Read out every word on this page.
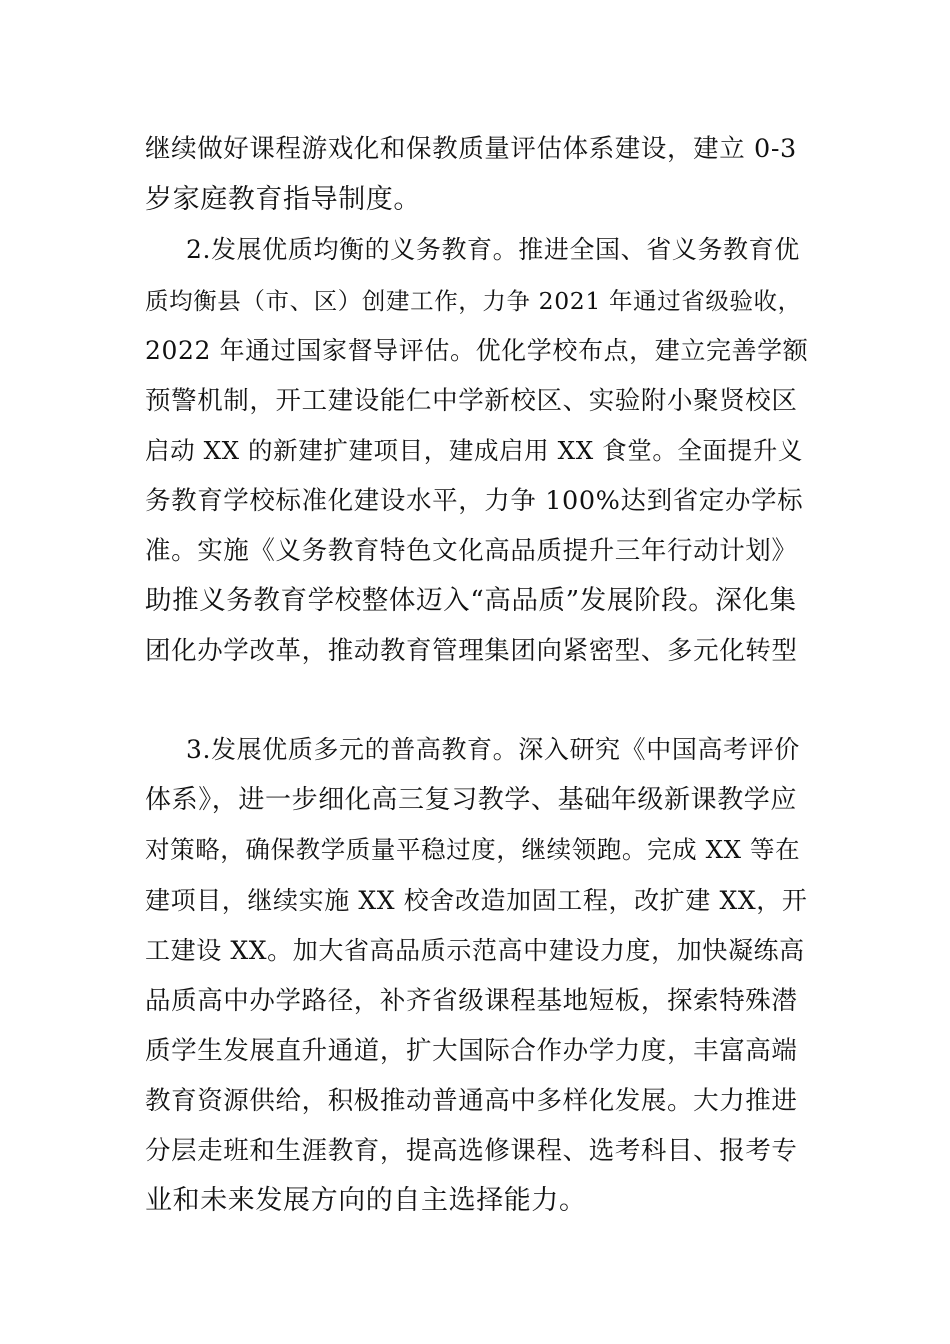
继续做好课程游戏化和保教质量评估体系建设，建立 0-3
岁家庭教育指导制度。
2.发展优质均衡的义务教育。推进全国、省义务教育优
质均衡县（市、区）创建工作，力争 2021 年通过省级验收，
2022 年通过国家督导评估。优化学校布点，建立完善学额
预警机制，开工建设能仁中学新校区、实验附小聚贤校区
启动 XX 的新建扩建项目，建成启用 XX 食堂。全面提升义
务教育学校标准化建设水平，力争 100%达到省定办学标
准。实施《义务教育特色文化高品质提升三年行动计划》
助推义务教育学校整体迈入“高品质”发展阶段。深化集
团化办学改革，推动教育管理集团向紧密型、多元化转型
3.发展优质多元的普高教育。深入研究《中国高考评价
体系》，进一步细化高三复习教学、基础年级新课教学应
对策略，确保教学质量平稳过度，继续领跑。完成 XX 等在
建项目，继续实施 XX 校舍改造加固工程，改扩建 XX，开
工建设 XX。加大省高品质示范高中建设力度，加快凝练高
品质高中办学路径，补齐省级课程基地短板，探索特殊潜
质学生发展直升通道，扩大国际合作办学力度，丰富高端
教育资源供给，积极推动普通高中多样化发展。大力推进
分层走班和生涯教育，提高选修课程、选考科目、报考专
业和未来发展方向的自主选择能力。
